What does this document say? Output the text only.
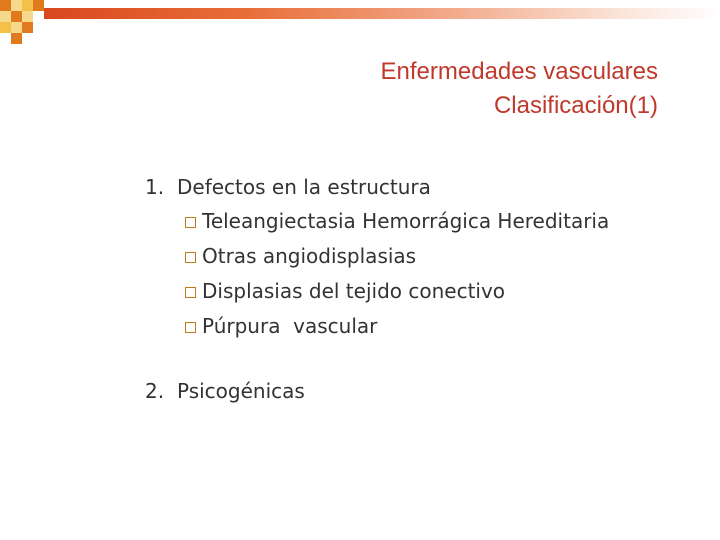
Enfermedades vasculares
Clasificación(1)
1. Defectos en la estructura
Teleangiectasia Hemorrágica Hereditaria
Otras angiodisplasias
Displasias del tejido conectivo
Púrpura  vascular
2. Psicogénicas
